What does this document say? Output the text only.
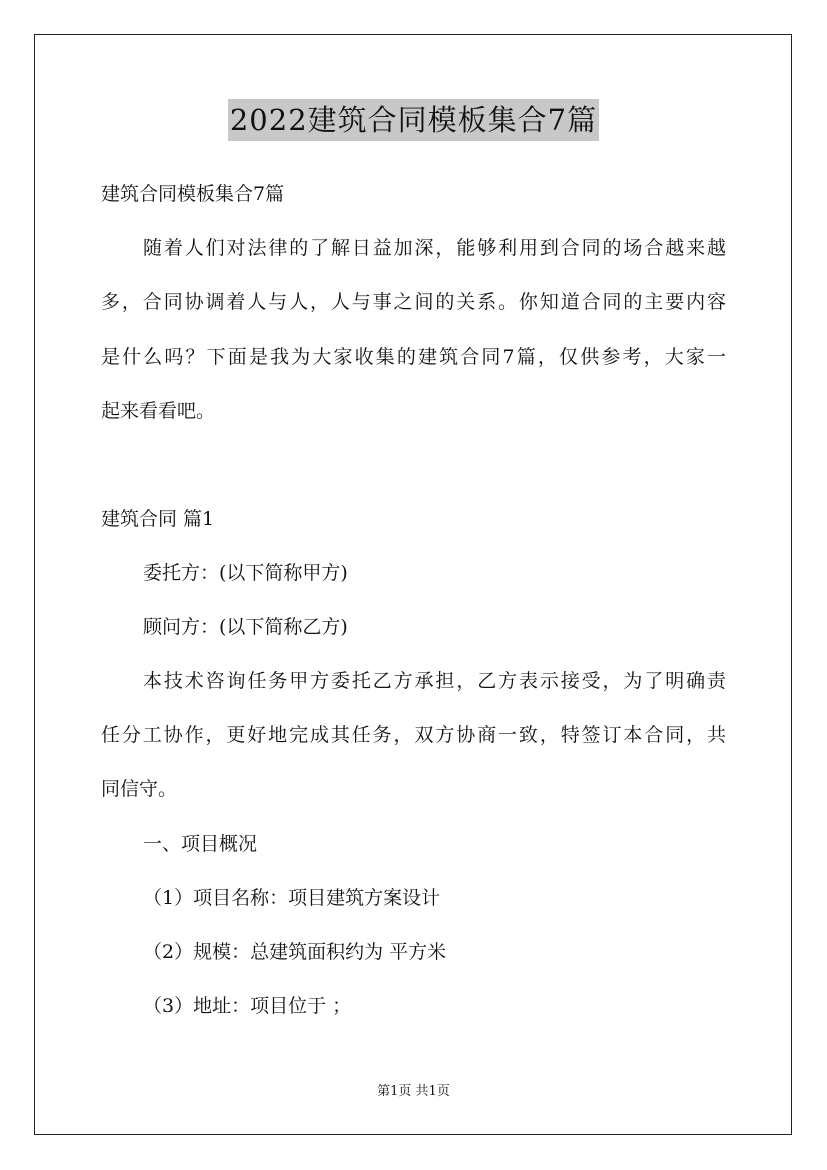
2022建筑合同模板集合7篇
建筑合同模板集合7篇
随着人们对法律的了解日益加深，能够利用到合同的场合越来越
多，合同协调着人与人，人与事之间的关系。你知道合同的主要内容
是什么吗？下面是我为大家收集的建筑合同7篇，仅供参考，大家一
起来看看吧。
建筑合同 篇1
委托方：(以下简称甲方)
顾问方：(以下简称乙方)
本技术咨询任务甲方委托乙方承担，乙方表示接受，为了明确责
任分工协作，更好地完成其任务，双方协商一致，特签订本合同，共
同信守。
一、项目概况
（1）项目名称：项目建筑方案设计
（2）规模：总建筑面积约为 平方米
（3）地址：项目位于 ；
第1页 共1页
